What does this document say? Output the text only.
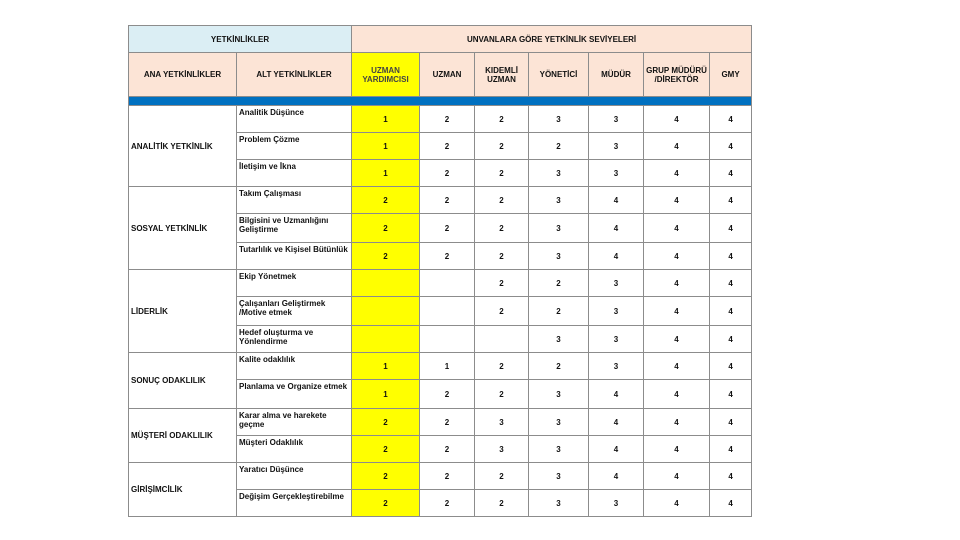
YETKİNLİKLER		UNVANLARA GÖRE YETKİNLİK SEVİYELERİ						
ANA YETKİNLİKLER	ALT YETKİNLİKLER	UZMAN YARDIMCISI	UZMAN	KIDEMLİ UZMAN	YÖNETİCİ	MÜDÜR	GRUP MÜDÜRÜ /DİREKTÖR	GMY

ANALİTİK YETKİNLİK	Analitik Düşünce	1	2	2	3	3	4	4
	Problem Çözme	1	2	2	2	3	4	4
	İletişim ve İkna	1	2	2	3	3	4	4
SOSYAL YETKİNLİK	Takım Çalışması	2	2	2	3	4	4	4
	Bilgisini ve Uzmanlığını Geliştirme	2	2	2	3	4	4	4
	Tutarlılık ve Kişisel Bütünlük	2	2	2	3	4	4	4
LİDERLİK	Ekip Yönetmek			2	2	3	4	4
	Çalışanları Geliştirmek /Motive etmek			2	2	3	4	4
	Hedef oluşturma ve Yönlendirme				3	3	4	4
SONUÇ ODAKLILIK	Kalite odaklılık	1	1	2	2	3	4	4
	Planlama ve Organize etmek	1	2	2	3	4	4	4
MÜŞTERİ ODAKLILIK	Karar alma ve harekete geçme	2	2	3	3	4	4	4
	Müşteri Odaklılık	2	2	3	3	4	4	4
GİRİŞİMCİLİK	Yaratıcı Düşünce	2	2	2	3	4	4	4
	Değişim Gerçekleştirebilme	2	2	2	3	3	4	4
